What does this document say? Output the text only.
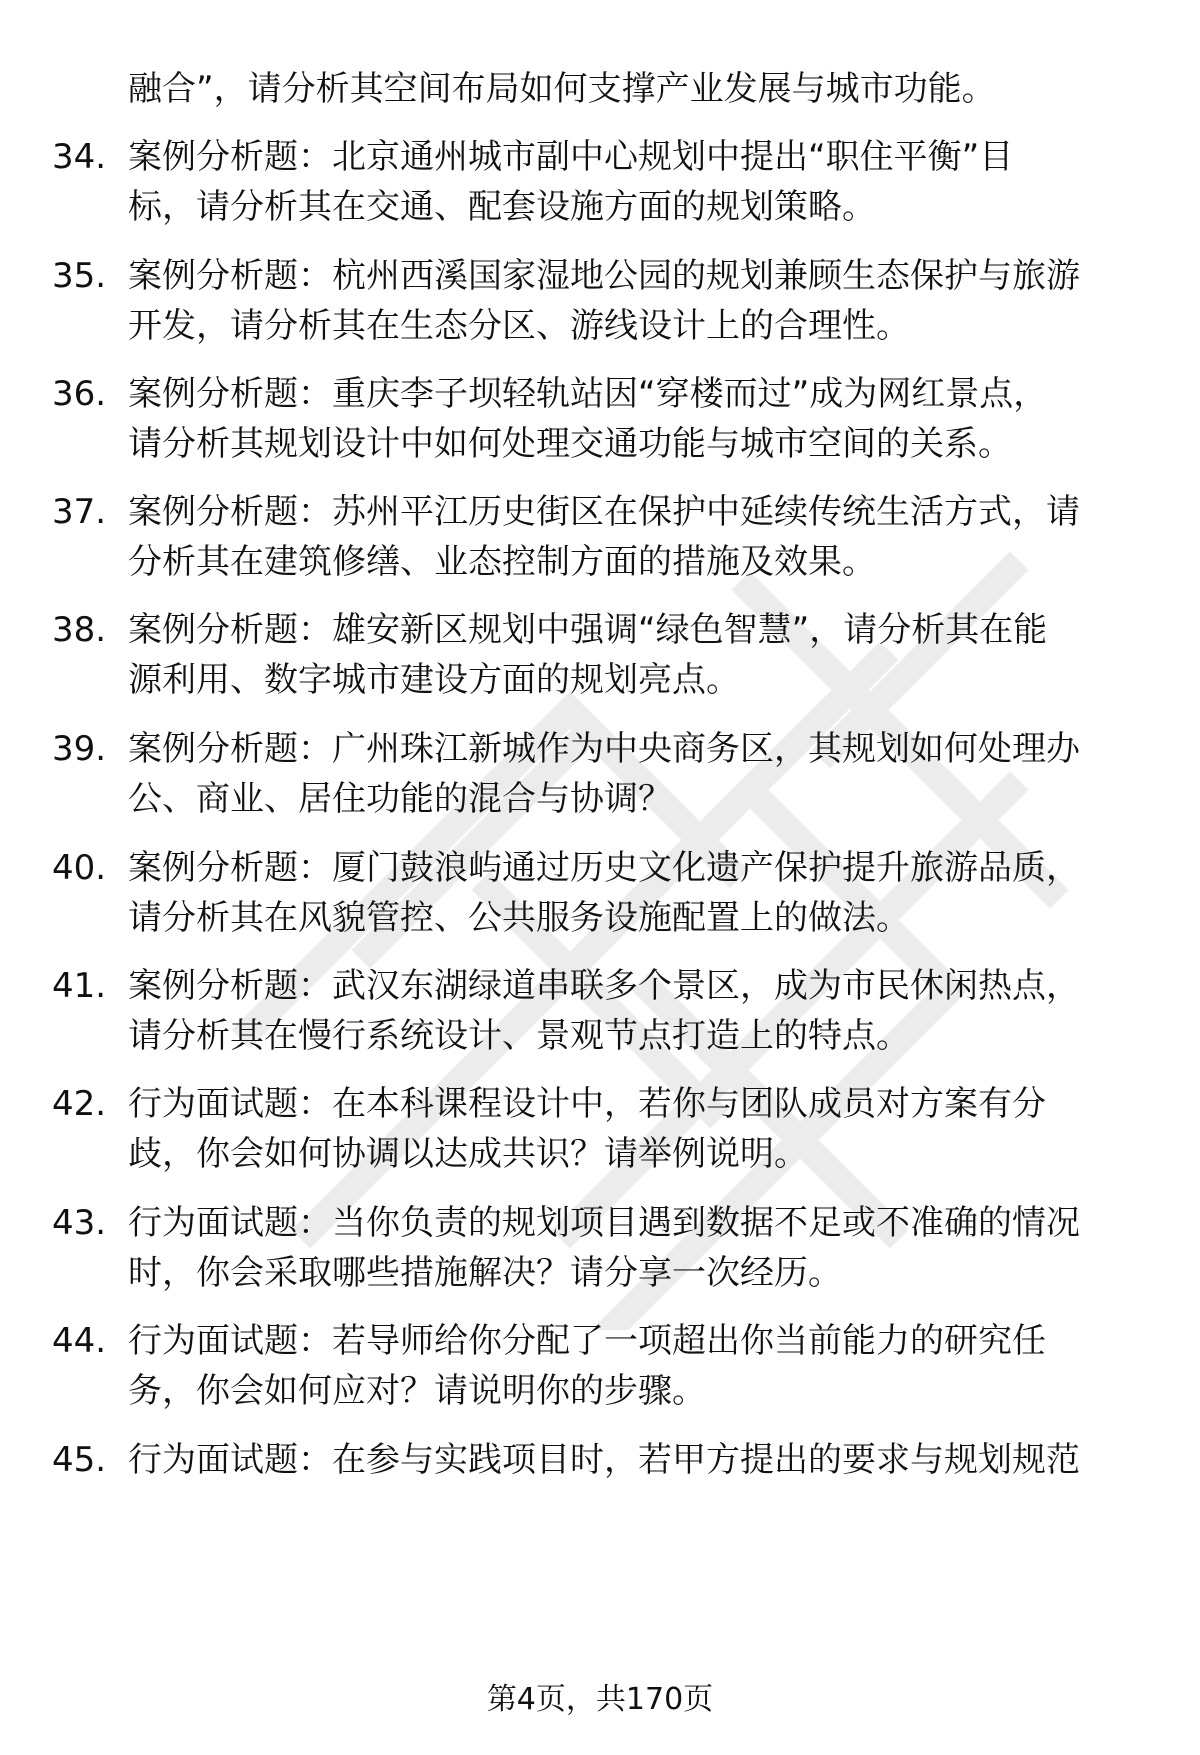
融合”，请分析其空间布局如何支撑产业发展与城市功能。
34. 案例分析题：北京通州城市副中心规划中提出“职住平衡”目
标，请分析其在交通、配套设施方面的规划策略。
35. 案例分析题：杭州西溪国家湿地公园的规划兼顾生态保护与旅游
开发，请分析其在生态分区、游线设计上的合理性。
36. 案例分析题：重庆李子坝轻轨站因“穿楼而过”成为网红景点，
请分析其规划设计中如何处理交通功能与城市空间的关系。
37. 案例分析题：苏州平江历史街区在保护中延续传统生活方式，请
分析其在建筑修缮、业态控制方面的措施及效果。
38. 案例分析题：雄安新区规划中强调“绿色智慧”，请分析其在能
源利用、数字城市建设方面的规划亮点。
39. 案例分析题：广州珠江新城作为中央商务区，其规划如何处理办
公、商业、居住功能的混合与协调？
40. 案例分析题：厦门鼓浪屿通过历史文化遗产保护提升旅游品质，
请分析其在风貌管控、公共服务设施配置上的做法。
41. 案例分析题：武汉东湖绿道串联多个景区，成为市民休闲热点，
请分析其在慢行系统设计、景观节点打造上的特点。
42. 行为面试题：在本科课程设计中，若你与团队成员对方案有分
歧，你会如何协调以达成共识？请举例说明。
43. 行为面试题：当你负责的规划项目遇到数据不足或不准确的情况
时，你会采取哪些措施解决？请分享一次经历。
44. 行为面试题：若导师给你分配了一项超出你当前能力的研究任
务，你会如何应对？请说明你的步骤。
45. 行为面试题：在参与实践项目时，若甲方提出的要求与规划规范
第4页，共170页
